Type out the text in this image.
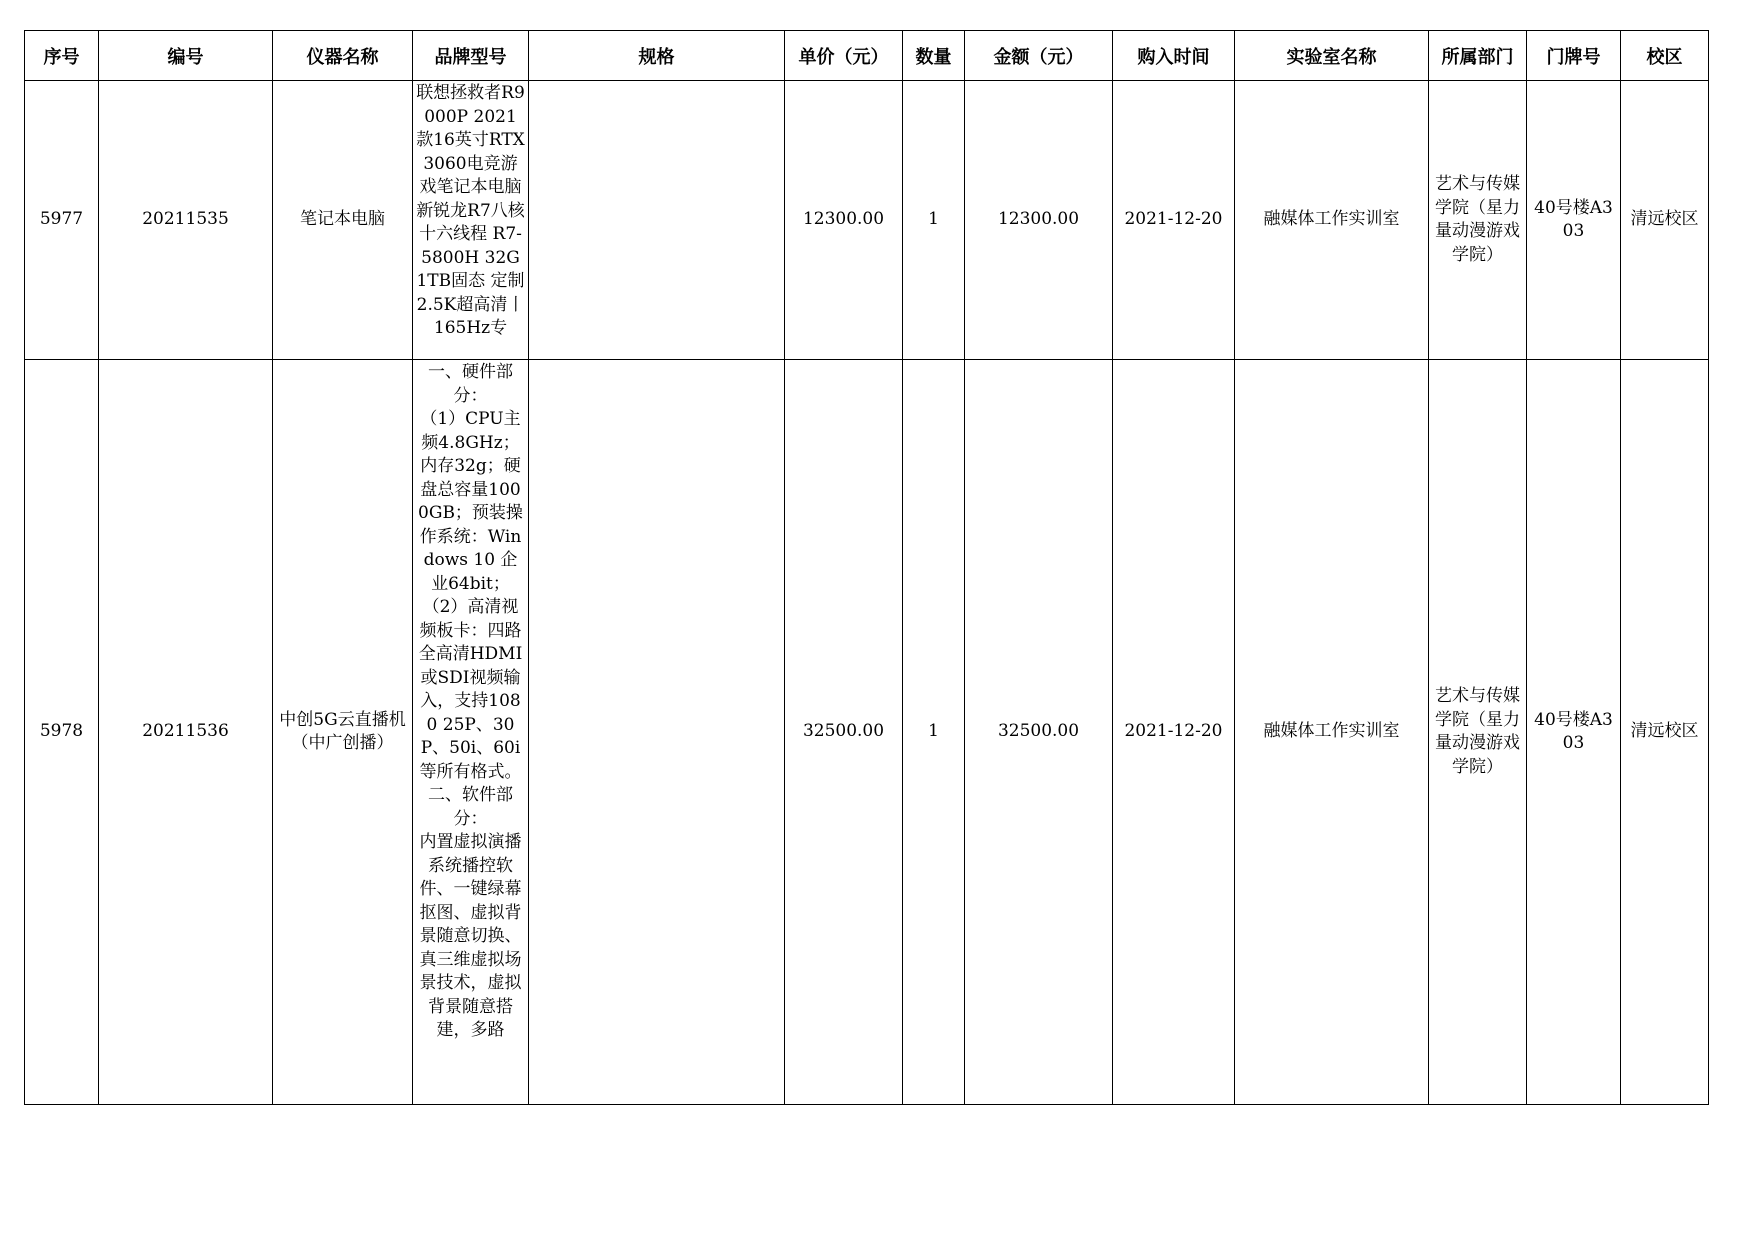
序号	编号	仪器名称	品牌型号	规格	单价（元）	数量	金额（元）	购入时间	实验室名称	所属部门	门牌号	校区
5977	20211535	笔记本电脑	联想拯救者R9000P 2021款16英寸RTX3060电竞游戏笔记本电脑 新锐龙R7八核十六线程 R7-5800H 32G 1TB固态 定制 2.5K超高清丨165Hz专		12300.00	1	12300.00	2021-12-20	融媒体工作实训室	艺术与传媒学院（星力量动漫游戏学院）	40号楼A303	清远校区
5978	20211536	中创5G云直播机（中广创播）	一、硬件部分：
（1）CPU主频4.8GHz；内存32g；硬盘总容量1000GB；预装操作系统：Windows 10 企业64bit；
（2）高清视频板卡：四路全高清HDMI或SDI视频输入，支持1080 25P、30P、50i、60i等所有格式。
二、软件部分：
内置虚拟演播系统播控软件、一键绿幕抠图、虚拟背景随意切换、真三维虚拟场景技术，虚拟背景随意搭建，多路		32500.00	1	32500.00	2021-12-20	融媒体工作实训室	艺术与传媒学院（星力量动漫游戏学院）	40号楼A303	清远校区
